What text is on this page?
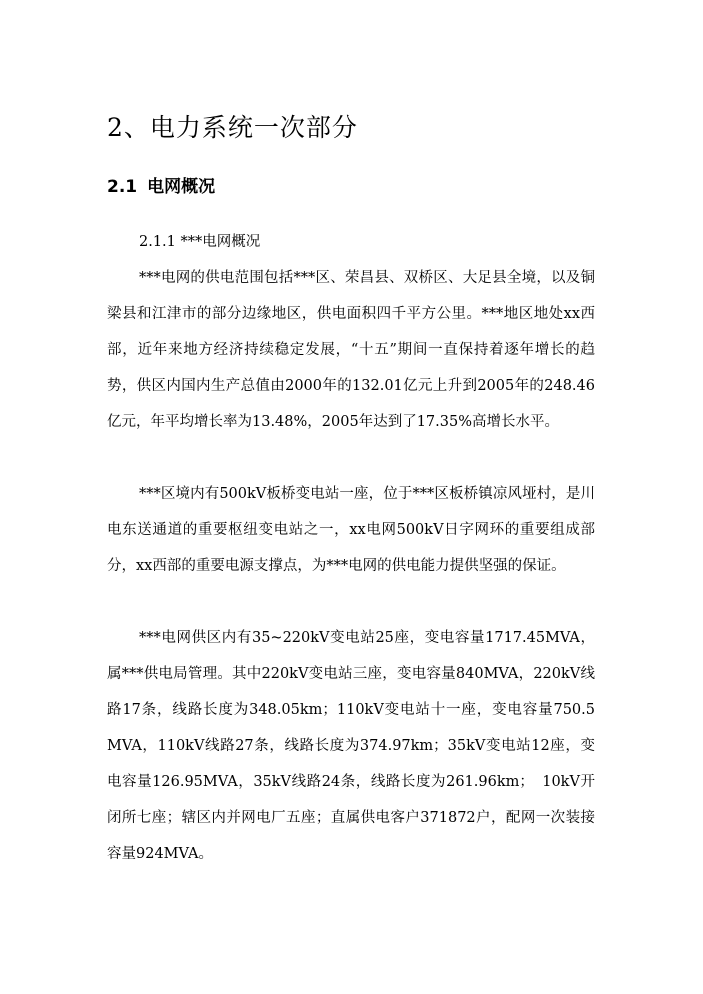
2、电力系统一次部分
2.1 电网概况

2.1.1 ***电网概况

***电网的供电范围包括***区、荣昌县、双桥区、大足县全境，以及铜梁县和江津市的部分边缘地区，供电面积四千平方公里。***地区地处xx西部，近年来地方经济持续稳定发展，“十五”期间一直保持着逐年增长的趋势，供区内国内生产总值由2000年的132.01亿元上升到2005年的248.46亿元，年平均增长率为13.48%，2005年达到了17.35%高增长水平。

***区境内有500kV板桥变电站一座，位于***区板桥镇凉风垭村，是川电东送通道的重要枢纽变电站之一，xx电网500kV日字网环的重要组成部分，xx西部的重要电源支撑点，为***电网的供电能力提供坚强的保证。

***电网供区内有35~220kV变电站25座，变电容量1717.45MVA，属***供电局管理。其中220kV变电站三座，变电容量840MVA，220kV线路17条，线路长度为348.05km；110kV变电站十一座，变电容量750.5 MVA，110kV线路27条，线路长度为374.97km；35kV变电站12座，变电容量126.95MVA，35kV线路24条，线路长度为261.96km；　10kV开闭所七座；辖区内并网电厂五座；直属供电客户371872户，配网一次装接容量924MVA。
